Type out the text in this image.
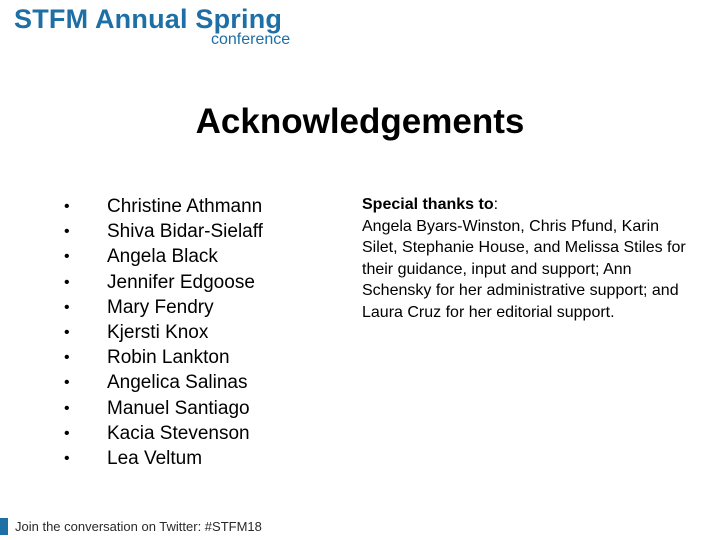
STFM Annual Spring
conference
Acknowledgements
•	Christine Athmann
•	Shiva Bidar-Sielaff
•	Angela Black
•	Jennifer Edgoose
•	Mary Fendry
•	Kjersti Knox
•	Robin Lankton
•	Angelica Salinas
•	Manuel Santiago
•	Kacia Stevenson
•	Lea Veltum
Special thanks to:
Angela Byars-Winston, Chris Pfund, Karin Silet, Stephanie House, and Melissa Stiles for their guidance, input and support; Ann Schensky for her administrative support; and Laura Cruz for her editorial support.
Join the conversation on Twitter: #STFM18
